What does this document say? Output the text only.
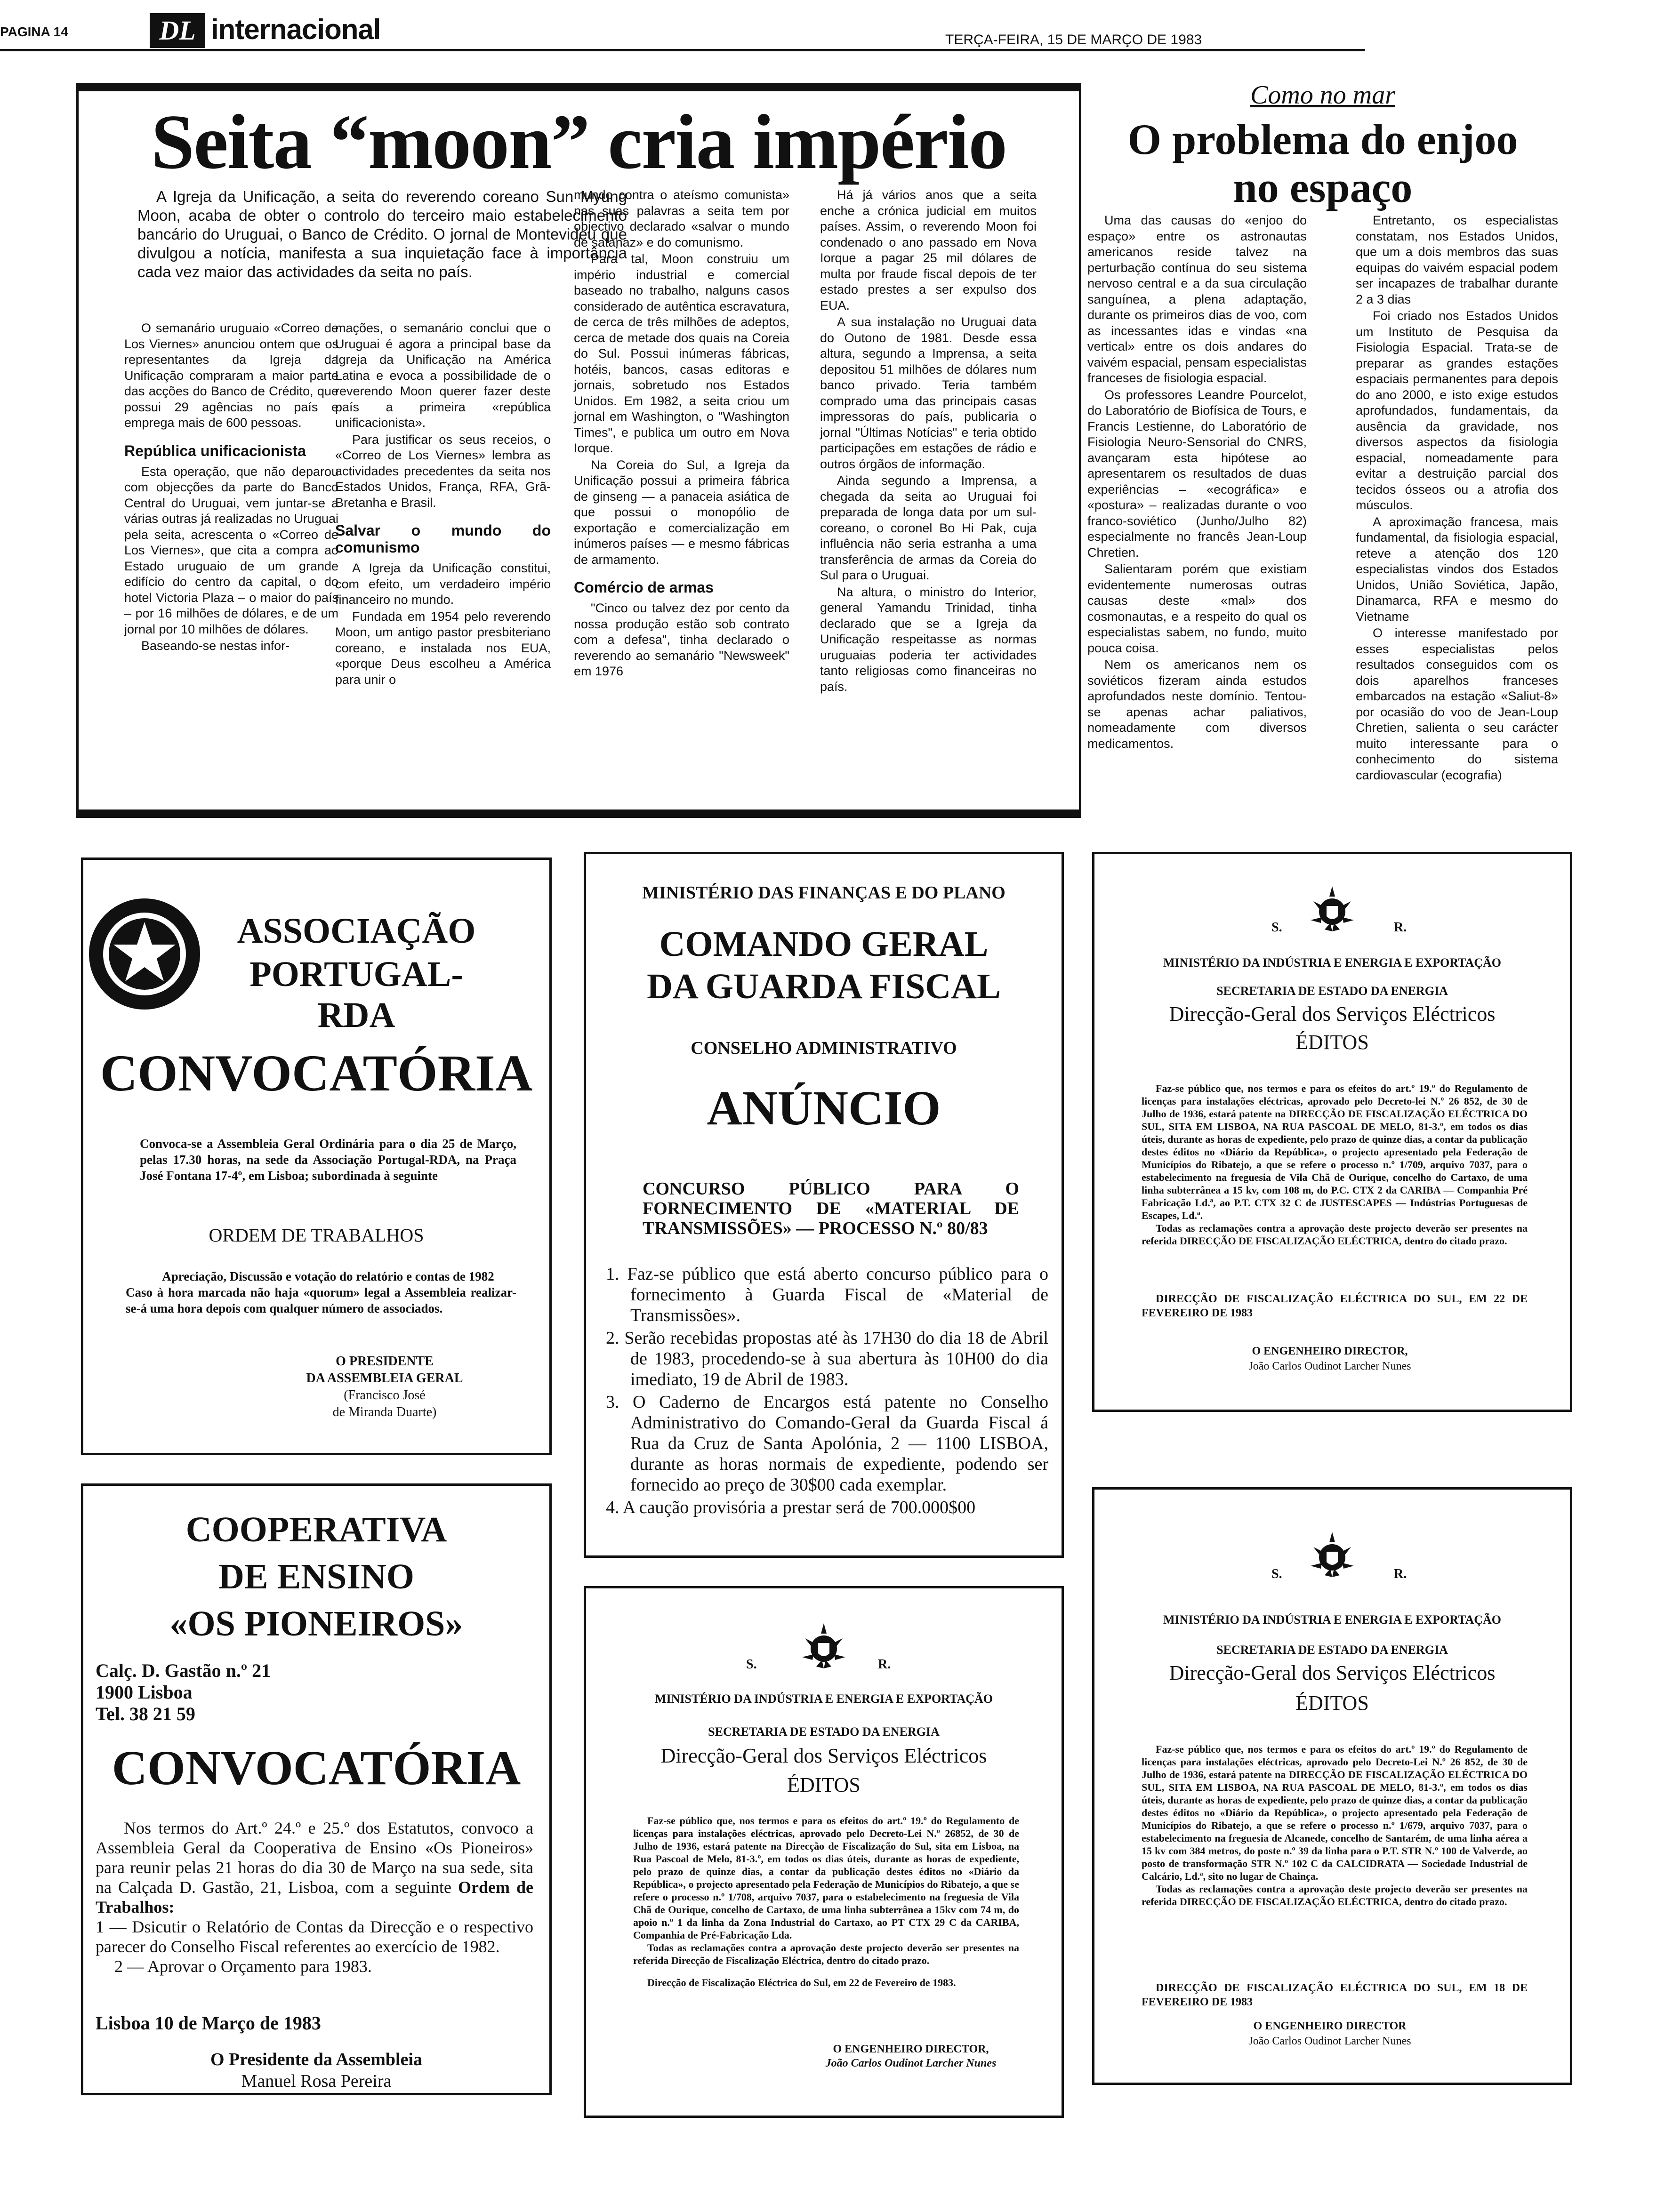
PAGINA 14	DL internacional	TERÇA-FEIRA, 15 DE MARÇO DE 1983
Seita “moon” cria império

A Igreja da Unificação, a seita do reverendo coreano Sun Myung Moon, acaba de obter o controlo do terceiro maio estabelecimento bancário do Uruguai, o Banco de Crédito. O jornal de Montevideu que divulgou a notícia, manifesta a sua inquietação face à importância cada vez maior das actividades da seita no país.

O semanário uruguaio «Correo de Los Viernes» anunciou ontem que os representantes da Igreja da Unificação compraram a maior parte das acções do Banco de Crédito, que possui 29 agências no país e emprega mais de 600 pessoas.

República unificacionista

Esta operação, que não deparou com objecções da parte do Banco Central do Uruguai, vem juntar-se a várias outras já realizadas no Uruguai pela seita, acrescenta o «Correo de Los Viernes», que cita a compra ao Estado uruguaio de um grande edifício do centro da capital, o do hotel Victoria Plaza – o maior do país – por 16 milhões de dólares, e de um jornal por 10 milhões de dólares.

Baseando-se nestas infor-

mações, o semanário conclui que o Uruguai é agora a principal base da Igreja da Unificação na América Latina e evoca a possibilidade de o reverendo Moon querer fazer deste país a primeira «república unificacionista».

Para justificar os seus receios, o «Correo de Los Viernes» lembra as actividades precedentes da seita nos Estados Unidos, França, RFA, Grã-Bretanha e Brasil.

Salvar o mundo do comunismo

A Igreja da Unificação constitui, com efeito, um verdadeiro império financeiro no mundo.

Fundada em 1954 pelo reverendo Moon, um antigo pastor presbiteriano coreano, e instalada nos EUA, «porque Deus escolheu a América para unir o

mundo contra o ateísmo comunista» nas suas palavras a seita tem por objectivo declarado «salvar o mundo de satanaz» e do comunismo.

Para tal, Moon construiu um império industrial e comercial baseado no trabalho, nalguns casos considerado de autêntica escravatura, de cerca de três milhões de adeptos, cerca de metade dos quais na Coreia do Sul. Possui inúmeras fábricas, hotéis, bancos, casas editoras e jornais, sobretudo nos Estados Unidos. Em 1982, a seita criou um jornal em Washington, o "Washington Times", e publica um outro em Nova Iorque.

Na Coreia do Sul, a Igreja da Unificação possui a primeira fábrica de ginseng — a panaceia asiática de que possui o monopólio de exportação e comercialização em inúmeros países — e mesmo fábricas de armamento.

Comércio de armas

"Cinco ou talvez dez por cento da nossa produção estão sob contrato com a defesa", tinha declarado o reverendo ao semanário "Newsweek" em 1976

Há já vários anos que a seita enche a crónica judicial em muitos países. Assim, o reverendo Moon foi condenado o ano passado em Nova Iorque a pagar 25 mil dólares de multa por fraude fiscal depois de ter estado prestes a ser expulso dos EUA.

A sua instalação no Uruguai data do Outono de 1981. Desde essa altura, segundo a Imprensa, a seita depositou 51 milhões de dólares num banco privado. Teria também comprado uma das principais casas impressoras do país, publicaria o jornal "Últimas Notícias" e teria obtido participações em estações de rádio e outros órgãos de informação.

Ainda segundo a Imprensa, a chegada da seita ao Uruguai foi preparada de longa data por um sul-coreano, o coronel Bo Hi Pak, cuja influência não seria estranha a uma transferência de armas da Coreia do Sul para o Uruguai.

Na altura, o ministro do Interior, general Yamandu Trinidad, tinha declarado que se a Igreja da Unificação respeitasse as normas uruguaias poderia ter actividades tanto religiosas como financeiras no país.

Como no mar
O problema do enjoo
no espaço

Uma das causas do «enjoo do espaço» entre os astronautas americanos reside talvez na perturbação contínua do seu sistema nervoso central e a da sua circulação sanguínea, a plena adaptação, durante os primeiros dias de voo, com as incessantes idas e vindas «na vertical» entre os dois andares do vaivém espacial, pensam especialistas franceses de fisiologia espacial.

Os professores Leandre Pourcelot, do Laboratório de Biofísica de Tours, e Francis Lestienne, do Laboratório de Fisiologia Neuro-Sensorial do CNRS, avançaram esta hipótese ao apresentarem os resultados de duas experiências – «ecográfica» e «postura» – realizadas durante o voo franco-soviético (Junho/Julho 82) especialmente no francês Jean-Loup Chretien.

Salientaram porém que existiam evidentemente numerosas outras causas deste «mal» dos cosmonautas, e a respeito do qual os especialistas sabem, no fundo, muito pouca coisa.

Nem os americanos nem os soviéticos fizeram ainda estudos aprofundados neste domínio. Tentou-se apenas achar paliativos, nomeadamente com diversos medicamentos.

Entretanto, os especialistas constatam, nos Estados Unidos, que um a dois membros das suas equipas do vaivém espacial podem ser incapazes de trabalhar durante 2 a 3 dias

Foi criado nos Estados Unidos um Instituto de Pesquisa da Fisiologia Espacial. Trata-se de preparar as grandes estações espaciais permanentes para depois do ano 2000, e isto exige estudos aprofundados, fundamentais, da ausência da gravidade, nos diversos aspectos da fisiologia espacial, nomeadamente para evitar a destruição parcial dos tecidos ósseos ou a atrofia dos músculos.

A aproximação francesa, mais fundamental, da fisiologia espacial, reteve a atenção dos 120 especialistas vindos dos Estados Unidos, União Soviética, Japão, Dinamarca, RFA e mesmo do Vietname

O interesse manifestado por esses especialistas pelos resultados conseguidos com os dois aparelhos franceses embarcados na estação «Saliut-8» por ocasião do voo de Jean-Loup Chretien, salienta o seu carácter muito interessante para o conhecimento do sistema cardiovascular (ecografia)

ASSOCIAÇÃO
PORTUGAL-RDA
CONVOCATÓRIA
Convoca-se a Assembleia Geral Ordinária para o dia 25 de Março, pelas 17.30 horas, na sede da Associação Portugal-RDA, na Praça José Fontana 17-4º, em Lisboa; subordinada à seguinte
ORDEM DE TRABALHOS
Apreciação, Discussão e votação do relatório e contas de 1982
Caso à hora marcada não haja «quorum» legal a Assembleia realizar-se-á uma hora depois com qualquer número de associados.
O PRESIDENTE
DA ASSEMBLEIA GERAL
(Francisco José
de Miranda Duarte)
COOPERATIVA
DE ENSINO
«OS PIONEIROS»
Calç. D. Gastão n.º 21
1900 Lisboa
Tel. 38 21 59
CONVOCATÓRIA

Nos termos do Art.º 24.º e 25.º dos Estatutos, convoco a Assembleia Geral da Cooperativa de Ensino «Os Pioneiros» para reunir pelas 21 horas do dia 30 de Março na sua sede, sita na Calçada D. Gastão, 21, Lisboa, com a seguinte Ordem de Trabalhos:

1 — Dsicutir o Relatório de Contas da Direcção e o respectivo parecer do Conselho Fiscal referentes ao exercício de 1982.

2 — Aprovar o Orçamento para 1983.

Lisboa 10 de Março de 1983
O Presidente da Assembleia
Manuel Rosa Pereira
MINISTÉRIO DAS FINANÇAS E DO PLANO
COMANDO GERAL
DA GUARDA FISCAL
CONSELHO ADMINISTRATIVO
ANÚNCIO
CONCURSO PÚBLICO PARA O FORNECIMENTO DE «MATERIAL DE TRANSMISSÕES» — PROCESSO N.º 80/83

1. Faz-se público que está aberto concurso público para o fornecimento à Guarda Fiscal de «Material de Transmissões».

2. Serão recebidas propostas até às 17H30 do dia 18 de Abril de 1983, procedendo-se à sua abertura às 10H00 do dia imediato, 19 de Abril de 1983.

3. O Caderno de Encargos está patente no Conselho Administrativo do Comando-Geral da Guarda Fiscal á Rua da Cruz de Santa Apolónia, 2 — 1100 LISBOA, durante as horas normais de expediente, podendo ser fornecido ao preço de 30$00 cada exemplar.

4. A caução provisória a prestar será de 700.000$00

S.	R.
MINISTÉRIO DA INDÚSTRIA E ENERGIA E EXPORTAÇÃO
SECRETARIA DE ESTADO DA ENERGIA
Direcção-Geral dos Serviços Eléctricos
ÉDITOS

Faz-se público que, nos termos e para os efeitos do art.º 19.º do Regulamento de licenças para instalações eléctricas, aprovado pelo Decreto-Lei N.º 26852, de 30 de Julho de 1936, estará patente na Direcção de Fiscalização do Sul, sita em Lisboa, na Rua Pascoal de Melo, 81-3.º, em todos os dias úteis, durante as horas de expediente, pelo prazo de quinze dias, a contar da publicação destes éditos no «Diário da República», o projecto apresentado pela Federação de Municípios do Ribatejo, a que se refere o processo n.º 1/708, arquivo 7037, para o estabelecimento na freguesia de Vila Chã de Ourique, concelho de Cartaxo, de uma linha subterrânea a 15kv com 74 m, do apoio n.º 1 da linha da Zona Industrial do Cartaxo, ao PT CTX 29 C da CARIBA, Companhia de Pré-Fabricação Lda.

Todas as reclamações contra a aprovação deste projecto deverão ser presentes na referida Direcção de Fiscalização Eléctrica, dentro do citado prazo.

Direcção de Fiscalização Eléctrica do Sul, em 22 de Fevereiro de 1983.

O ENGENHEIRO DIRECTOR,
João Carlos Oudinot Larcher Nunes
S.	R.
MINISTÉRIO DA INDÚSTRIA E ENERGIA E EXPORTAÇÃO
SECRETARIA DE ESTADO DA ENERGIA
Direcção-Geral dos Serviços Eléctricos
ÉDITOS

Faz-se público que, nos termos e para os efeitos do art.º 19.º do Regulamento de licenças para instalações eléctricas, aprovado pelo Decreto-lei N.º 26 852, de 30 de Julho de 1936, estará patente na DIRECÇÃO DE FISCALIZAÇÃO ELÉCTRICA DO SUL, SITA EM LISBOA, NA RUA PASCOAL DE MELO, 81-3.º, em todos os dias úteis, durante as horas de expediente, pelo prazo de quinze dias, a contar da publicação destes éditos no «Diário da República», o projecto apresentado pela Federação de Municípios do Ribatejo, a que se refere o processo n.º 1/709, arquivo 7037, para o estabelecimento na freguesia de Vila Chã de Ourique, concelho do Cartaxo, de uma linha subterrânea a 15 kv, com 108 m, do P.C. CTX 2 da CARIBA — Companhia Pré Fabricação Ld.ª, ao P.T. CTX 32 C de JUSTESCAPES — Indústrias Portuguesas de Escapes, Ld.ª.

Todas as reclamações contra a aprovação deste projecto deverão ser presentes na referida DIRECÇÃO DE FISCALIZAÇÃO ELÉCTRICA, dentro do citado prazo.

DIRECÇÃO DE FISCALIZAÇÃO ELÉCTRICA DO SUL, EM 22 DE FEVEREIRO DE 1983
O ENGENHEIRO DIRECTOR,
João Carlos Oudinot Larcher Nunes
S.	R.
MINISTÉRIO DA INDÚSTRIA E ENERGIA E EXPORTAÇÃO
SECRETARIA DE ESTADO DA ENERGIA
Direcção-Geral dos Serviços Eléctricos
ÉDITOS

Faz-se público que, nos termos e para os efeitos do art.º 19.º do Regulamento de licenças para instalações eléctricas, aprovado pelo Decreto-Lei N.º 26 852, de 30 de Julho de 1936, estará patente na DIRECÇÃO DE FISCALIZAÇÃO ELÉCTRICA DO SUL, SITA EM LISBOA, NA RUA PASCOAL DE MELO, 81-3.º, em todos os dias úteis, durante as horas de expediente, pelo prazo de quinze dias, a contar da publicação destes éditos no «Diário da República», o projecto apresentado pela Federação de Municípios do Ribatejo, a que se refere o processo n.º 1/679, arquivo 7037, para o estabelecimento na freguesia de Alcanede, concelho de Santarém, de uma linha aérea a 15 kv com 384 metros, do poste n.º 39 da linha para o P.T. STR N.º 100 de Valverde, ao posto de transformação STR N.º 102 C da CALCIDRATA — Sociedade Industrial de Calcário, Ld.ª, sito no lugar de Chainça.

Todas as reclamações contra a aprovação deste projecto deverão ser presentes na referida DIRECÇÃO DE FISCALIZAÇÃO ELÉCTRICA, dentro do citado prazo.

DIRECÇÃO DE FISCALIZAÇÃO ELÉCTRICA DO SUL, EM 18 DE FEVEREIRO DE 1983
O ENGENHEIRO DIRECTOR
João Carlos Oudinot Larcher Nunes
